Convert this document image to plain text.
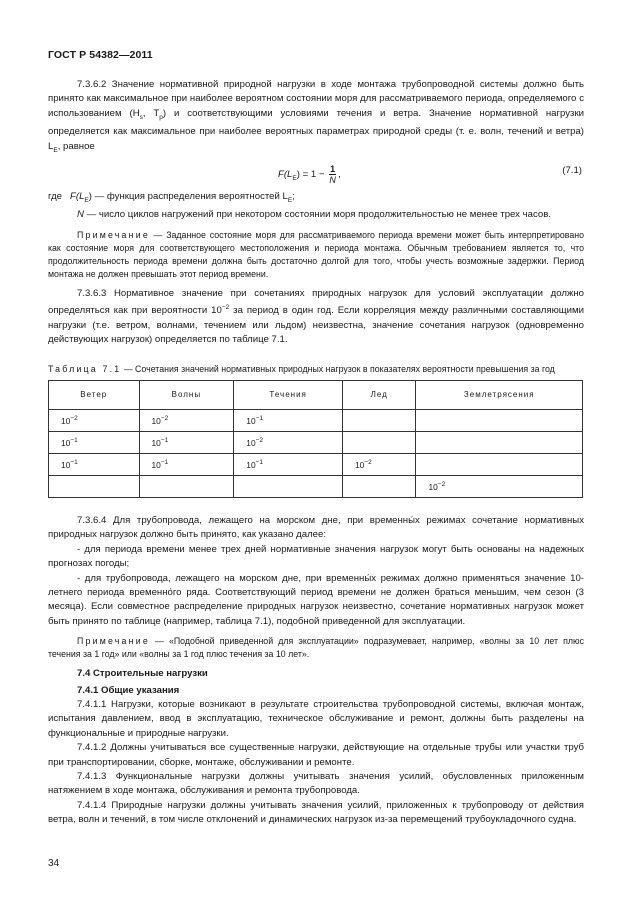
ГОСТ Р 54382—2011

7.3.6.2 Значение нормативной природной нагрузки в ходе монтажа трубопроводной системы должно быть принято как максимальное при наиболее вероятном состоянии моря для рассматриваемого периода, определяемого с использованием ($H_s$, $T_p$) и соответствующими условиями течения и ветра. Значение нормативной нагрузки определяется как максимальное при наиболее вероятных параметрах природной среды (т. е. волн, течений и ветра) $L_E$, равное

$F(L_E) = 1 - \frac{1}{N}$ ,	(7.1)

где $F(L_E)$ — функция распределения вероятностей $L_E$;

N — число циклов нагружений при некотором состоянии моря продолжительностью не менее трех часов.

Примечание — Заданное состояние моря для рассматриваемого периода времени может быть интерпретировано как состояние моря для соответствующего местоположения и периода монтажа. Обычным требованием является то, что продолжительность периода времени должна быть достаточно долгой для того, чтобы учесть возможные задержки. Период монтажа не должен превышать этот период времени.

7.3.6.3 Нормативное значение при сочетаниях природных нагрузок для условий эксплуатации должно определяться как при вероятности $10^{-2}$ за период в один год. Если корреляция между различными составляющими нагрузки (т.е. ветром, волнами, течением или льдом) неизвестна, значение сочетания нагрузок (одновременно действующих нагрузок) определяется по таблице 7.1.

Таблица 7.1 — Сочетания значений нормативных природных нагрузок в показателях вероятности превышения за год

Ветер	Волны	Течения	Лед	Землетрясения
$10^{-2}$	$10^{-2}$	$10^{-1}$		
$10^{-1}$	$10^{-1}$	$10^{-2}$		
$10^{-1}$	$10^{-1}$	$10^{-1}$	$10^{-2}$	
				$10^{-2}$

7.3.6.4 Для трубопровода, лежащего на морском дне, при временны́х режимах сочетание нормативных природных нагрузок должно быть принято, как указано далее:

- для периода времени менее трех дней нормативные значения нагрузок могут быть основаны на надежных прогнозах погоды;

- для трубопровода, лежащего на морском дне, при временны́х режимах должно применяться значение 10-летнего периода временно́го ряда. Соответствующий период времени не должен браться меньшим, чем сезон (3 месяца). Если совместное распределение природных нагрузок неизвестно, сочетание нормативных нагрузок может быть принято по таблице (например, таблица 7.1), подобной приведенной для эксплуатации.

Примечание — «Подобной приведенной для эксплуатации» подразумевает, например, «волны за 10 лет плюс течения за 1 год» или «волны за 1 год плюс течения за 10 лет».

7.4 Строительные нагрузки

7.4.1 Общие указания

7.4.1.1 Нагрузки, которые возникают в результате строительства трубопроводной системы, включая монтаж, испытания давлением, ввод в эксплуатацию, техническое обслуживание и ремонт, должны быть разделены на функциональные и природные нагрузки.

7.4.1.2 Должны учитываться все существенные нагрузки, действующие на отдельные трубы или участки труб при транспортировании, сборке, монтаже, обслуживании и ремонте.

7.4.1.3 Функциональные нагрузки должны учитывать значения усилий, обусловленных приложенным натяжением в ходе монтажа, обслуживания и ремонта трубопровода.

7.4.1.4 Природные нагрузки должны учитывать значения усилий, приложенных к трубопроводу от действия ветра, волн и течений, в том числе отклонений и динамических нагрузок из-за перемещений трубоукладочного судна.

34
